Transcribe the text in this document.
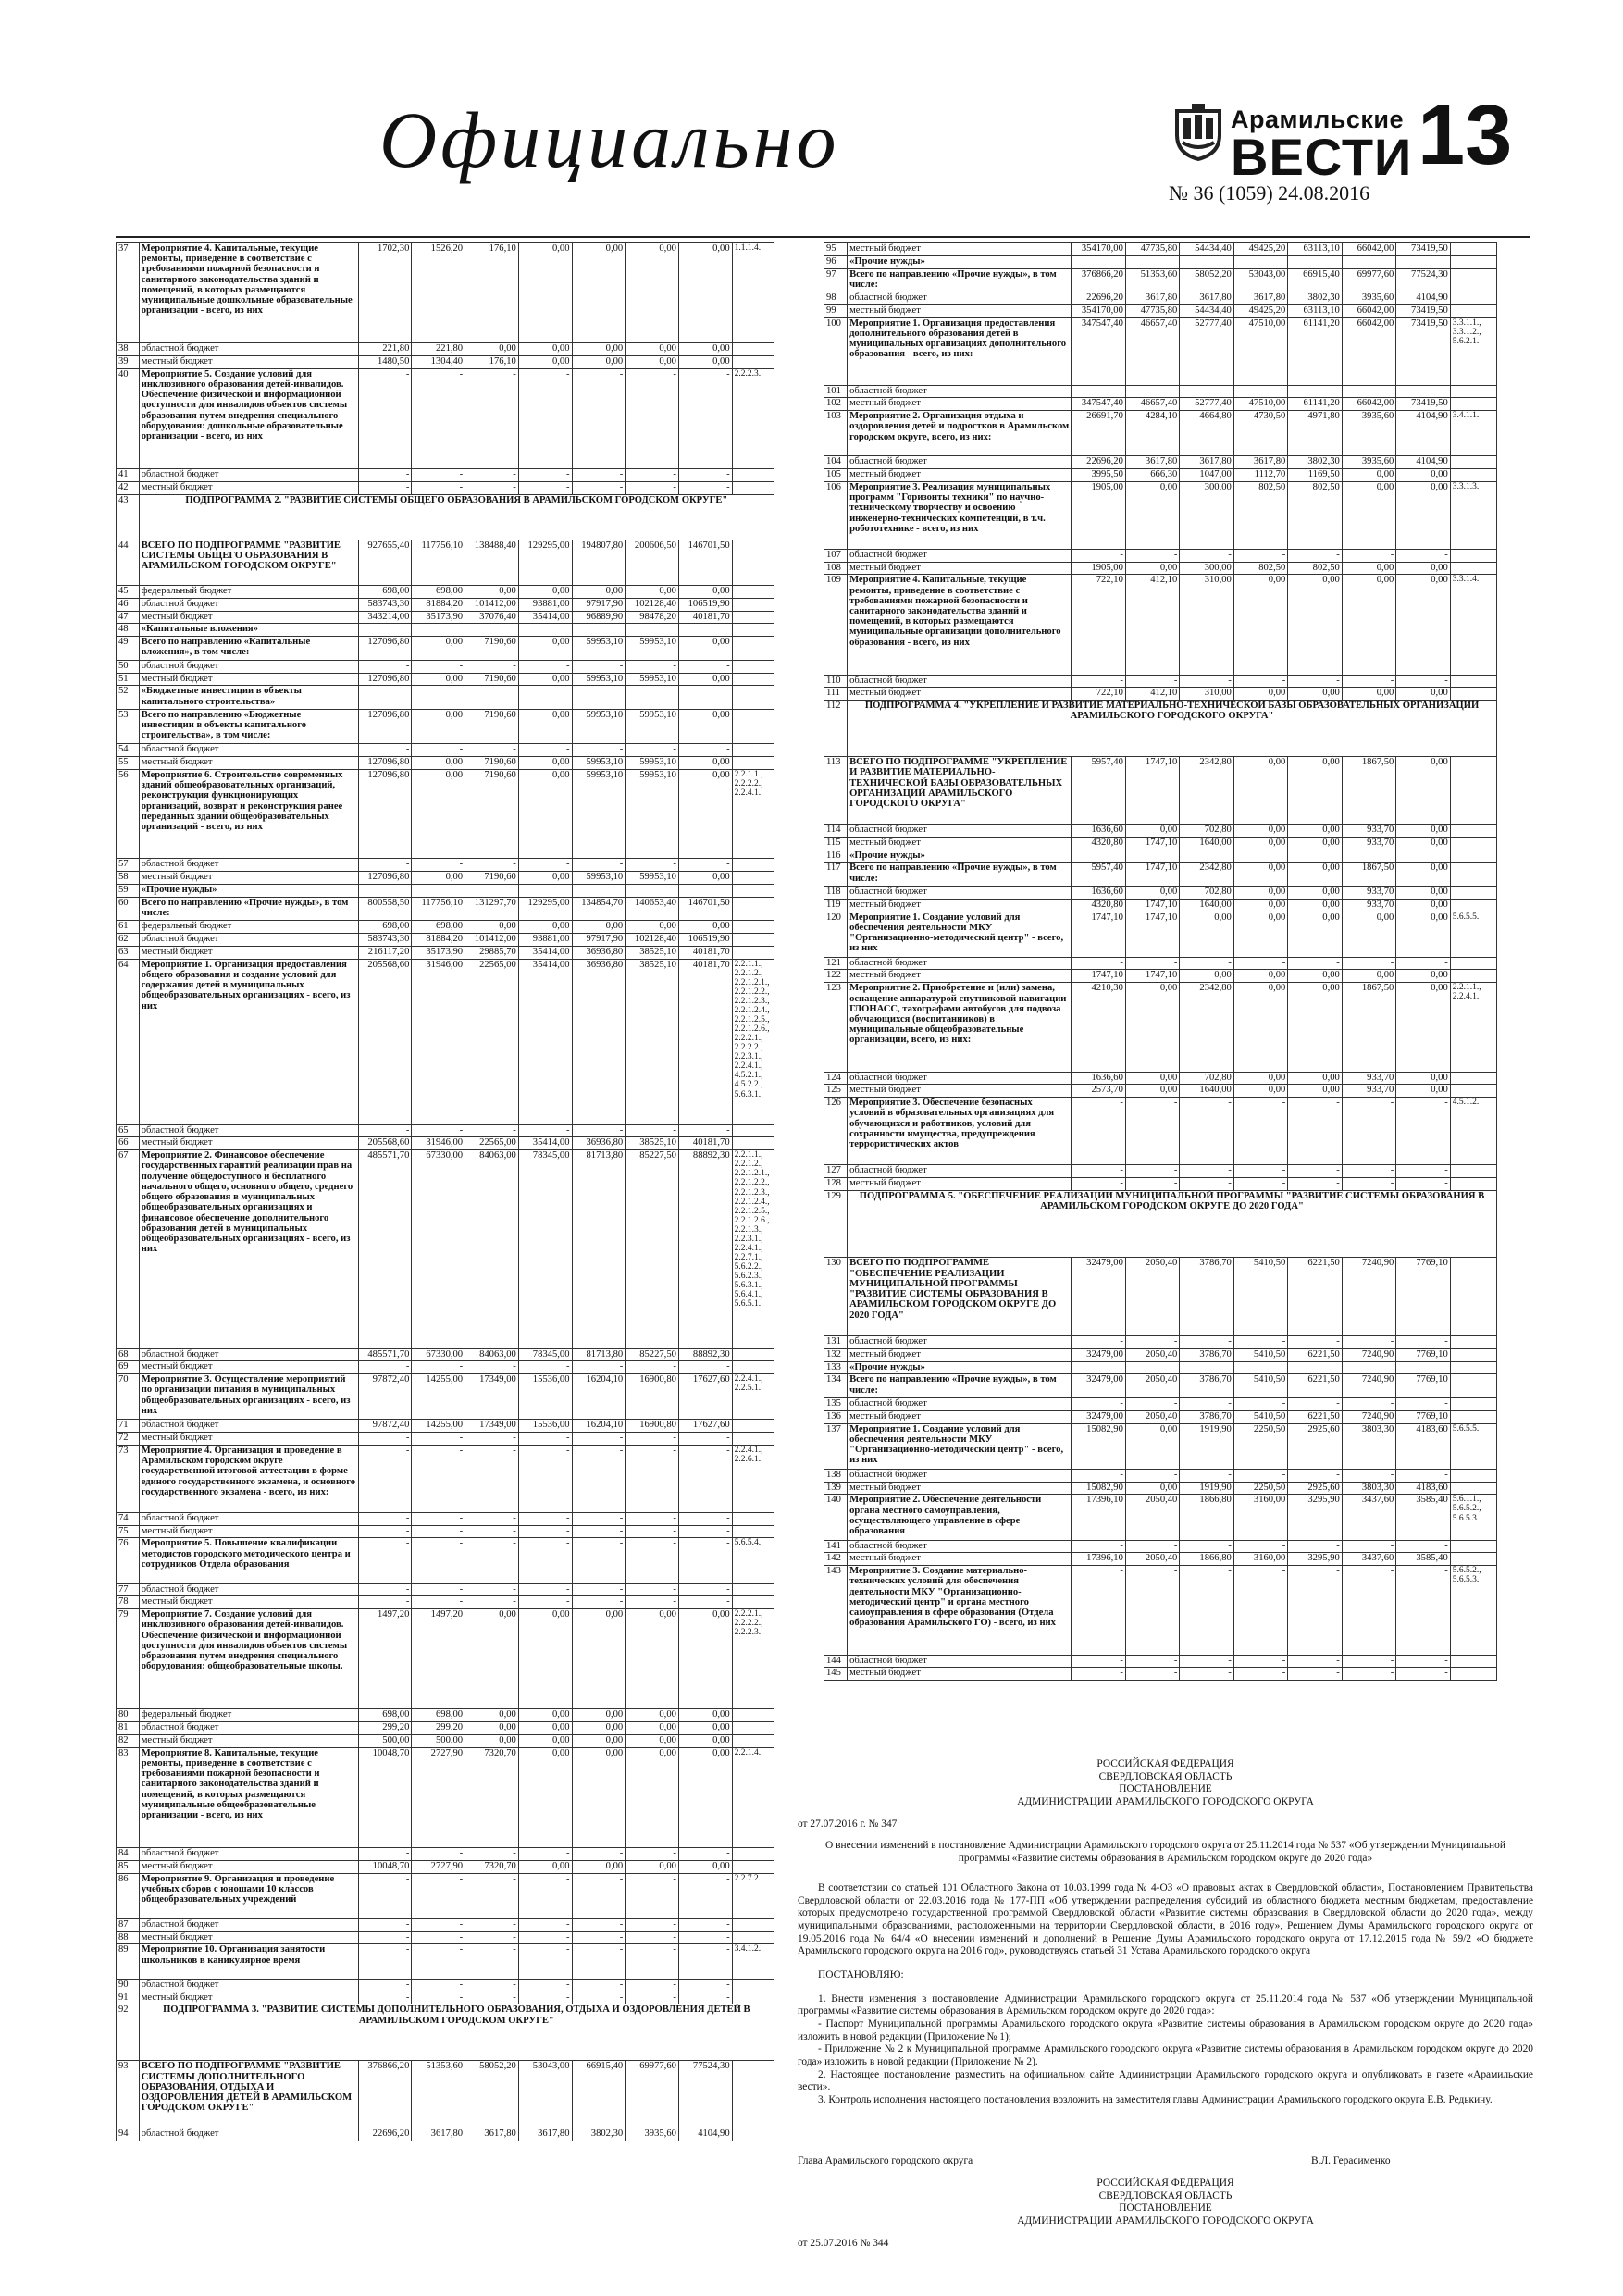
Официально	Арамильские
ВЕСТИ 13
№ 36 (1059) 24.08.2016
37	Мероприятие 4. Капитальные, текущие ремонты, приведение в соответствие с требованиями пожарной безопасности и санитарного законодательства зданий и помещений, в которых размещаются муниципальные дошкольные образовательные организации - всего, из них	1702,30	1526,20	176,10	0,00	0,00	0,00	0,00	1.1.1.4.
38	областной бюджет	221,80	221,80	0,00	0,00	0,00	0,00	0,00	
39	местный бюджет	1480,50	1304,40	176,10	0,00	0,00	0,00	0,00	
40	Мероприятие 5. Создание условий для инклюзивного образования детей-инвалидов. Обеспечение физической и информационной доступности для инвалидов объектов системы образования путем внедрения специального оборудования: дошкольные образовательные организации - всего, из них	-	-	-	-	-	-	-	2.2.2.3.
41	областной бюджет	-	-	-	-	-	-	-	
42	местный бюджет	-	-	-	-	-	-	-	
43	ПОДПРОГРАММА 2. "РАЗВИТИЕ СИСТЕМЫ ОБЩЕГО ОБРАЗОВАНИЯ В АРАМИЛЬСКОМ ГОРОДСКОМ ОКРУГЕ"								
44	ВСЕГО ПО ПОДПРОГРАММЕ "РАЗВИТИЕ СИСТЕМЫ ОБЩЕГО ОБРАЗОВАНИЯ В АРАМИЛЬСКОМ ГОРОДСКОМ ОКРУГЕ"	927655,40	117756,10	138488,40	129295,00	194807,80	200606,50	146701,50	
45	федеральный бюджет	698,00	698,00	0,00	0,00	0,00	0,00	0,00	
46	областной бюджет	583743,30	81884,20	101412,00	93881,00	97917,90	102128,40	106519,90	
47	местный бюджет	343214,00	35173,90	37076,40	35414,00	96889,90	98478,20	40181,70	
48	«Капитальные вложения»								
49	Всего по направлению «Капитальные вложения», в том числе:	127096,80	0,00	7190,60	0,00	59953,10	59953,10	0,00	
50	областной бюджет	-	-	-	-	-	-	-	
51	местный бюджет	127096,80	0,00	7190,60	0,00	59953,10	59953,10	0,00	
52	«Бюджетные инвестиции в объекты капитального строительства»								
53	Всего по направлению «Бюджетные инвестиции в объекты капитального строительства», в том числе:	127096,80	0,00	7190,60	0,00	59953,10	59953,10	0,00	
54	областной бюджет	-	-	-	-	-	-	-	
55	местный бюджет	127096,80	0,00	7190,60	0,00	59953,10	59953,10	0,00	
56	Мероприятие 6. Строительство современных зданий общеобразовательных организаций, реконструкция функционирующих организаций, возврат и реконструкция ранее переданных зданий общеобразовательных организаций - всего, из них	127096,80	0,00	7190,60	0,00	59953,10	59953,10	0,00	2.2.1.1., 2.2.2.2., 2.2.4.1.
57	областной бюджет	-	-	-	-	-	-	-	
58	местный бюджет	127096,80	0,00	7190,60	0,00	59953,10	59953,10	0,00	
59	«Прочие нужды»								
60	Всего по направлению «Прочие нужды», в том числе:	800558,50	117756,10	131297,70	129295,00	134854,70	140653,40	146701,50	
61	федеральный бюджет	698,00	698,00	0,00	0,00	0,00	0,00	0,00	
62	областной бюджет	583743,30	81884,20	101412,00	93881,00	97917,90	102128,40	106519,90	
63	местный бюджет	216117,20	35173,90	29885,70	35414,00	36936,80	38525,10	40181,70	
64	Мероприятие 1. Организация предоставления общего образования и создание условий для содержания детей в муниципальных общеобразовательных организациях - всего, из них	205568,60	31946,00	22565,00	35414,00	36936,80	38525,10	40181,70	2.2.1.1., 2.2.1.2., 2.2.1.2.1., 2.2.1.2.2., 2.2.1.2.3., 2.2.1.2.4., 2.2.1.2.5., 2.2.1.2.6., 2.2.2.1., 2.2.2.2., 2.2.3.1., 2.2.4.1., 4.5.2.1., 4.5.2.2., 5.6.3.1.
65	областной бюджет	-	-	-	-	-	-	-	
66	местный бюджет	205568,60	31946,00	22565,00	35414,00	36936,80	38525,10	40181,70	
67	Мероприятие 2. Финансовое обеспечение государственных гарантий реализации прав на получение общедоступного и бесплатного начального общего, основного общего, среднего общего образования в муниципальных общеобразовательных организациях и финансовое обеспечение дополнительного образования детей в муниципальных общеобразовательных организациях - всего, из них	485571,70	67330,00	84063,00	78345,00	81713,80	85227,50	88892,30	2.2.1.1., 2.2.1.2., 2.2.1.2.1., 2.2.1.2.2., 2.2.1.2.3., 2.2.1.2.4., 2.2.1.2.5., 2.2.1.2.6., 2.2.1.3., 2.2.3.1., 2.2.4.1., 2.2.7.1., 5.6.2.2., 5.6.2.3., 5.6.3.1., 5.6.4.1., 5.6.5.1.
68	областной бюджет	485571,70	67330,00	84063,00	78345,00	81713,80	85227,50	88892,30	
69	местный бюджет	-	-	-	-	-	-	-	
70	Мероприятие 3. Осуществление мероприятий по организации питания в муниципальных общеобразовательных организациях - всего, из них	97872,40	14255,00	17349,00	15536,00	16204,10	16900,80	17627,60	2.2.4.1., 2.2.5.1.
71	областной бюджет	97872,40	14255,00	17349,00	15536,00	16204,10	16900,80	17627,60	
72	местный бюджет	-	-	-	-	-	-	-	
73	Мероприятие 4. Организация и проведение в Арамильском городском округе государственной итоговой аттестации в форме единого государственного экзамена, и основного государственного экзамена - всего, из них:	-	-	-	-	-	-	-	2.2.4.1., 2.2.6.1.
74	областной бюджет	-	-	-	-	-	-	-	
75	местный бюджет	-	-	-	-	-	-	-	
76	Мероприятие 5. Повышение квалификации методистов городского методического центра и сотрудников Отдела образования	-	-	-	-	-	-	-	5.6.5.4.
77	областной бюджет	-	-	-	-	-	-	-	
78	местный бюджет	-	-	-	-	-	-	-	
79	Мероприятие 7. Создание условий для инклюзивного образования детей-инвалидов. Обеспечение физической и информационной доступности для инвалидов объектов системы образования путем внедрения специального оборудования: общеобразовательные школы.	1497,20	1497,20	0,00	0,00	0,00	0,00	0,00	2.2.2.1., 2.2.2.2., 2.2.2.3.
80	федеральный бюджет	698,00	698,00	0,00	0,00	0,00	0,00	0,00	
81	областной бюджет	299,20	299,20	0,00	0,00	0,00	0,00	0,00	
82	местный бюджет	500,00	500,00	0,00	0,00	0,00	0,00	0,00	
83	Мероприятие 8. Капитальные, текущие ремонты, приведение в соответствие с требованиями пожарной безопасности и санитарного законодательства зданий и помещений, в которых размещаются муниципальные общеобразовательные организации - всего, из них	10048,70	2727,90	7320,70	0,00	0,00	0,00	0,00	2.2.1.4.
84	областной бюджет	-	-	-	-	-	-	-	
85	местный бюджет	10048,70	2727,90	7320,70	0,00	0,00	0,00	0,00	
86	Мероприятие 9. Организация и проведение учебных сборов с юношами 10 классов общеобразовательных учреждений	-	-	-	-	-	-	-	2.2.7.2.
87	областной бюджет	-	-	-	-	-	-	-	
88	местный бюджет	-	-	-	-	-	-	-	
89	Мероприятие 10. Организация занятости школьников в каникулярное время	-	-	-	-	-	-	-	3.4.1.2.
90	областной бюджет	-	-	-	-	-	-	-	
91	местный бюджет	-	-	-	-	-	-	-	
92	ПОДПРОГРАММА 3. "РАЗВИТИЕ СИСТЕМЫ ДОПОЛНИТЕЛЬНОГО ОБРАЗОВАНИЯ, ОТДЫХА И ОЗДОРОВЛЕНИЯ ДЕТЕЙ В АРАМИЛЬСКОМ ГОРОДСКОМ ОКРУГЕ"								
93	ВСЕГО ПО ПОДПРОГРАММЕ "РАЗВИТИЕ СИСТЕМЫ ДОПОЛНИТЕЛЬНОГО ОБРАЗОВАНИЯ, ОТДЫХА И ОЗДОРОВЛЕНИЯ ДЕТЕЙ В АРАМИЛЬСКОМ ГОРОДСКОМ ОКРУГЕ"	376866,20	51353,60	58052,20	53043,00	66915,40	69977,60	77524,30	
94	областной бюджет	22696,20	3617,80	3617,80	3617,80	3802,30	3935,60	4104,90	
95	местный бюджет	354170,00	47735,80	54434,40	49425,20	63113,10	66042,00	73419,50	
96	«Прочие нужды»								
97	Всего по направлению «Прочие нужды», в том числе:	376866,20	51353,60	58052,20	53043,00	66915,40	69977,60	77524,30	
98	областной бюджет	22696,20	3617,80	3617,80	3617,80	3802,30	3935,60	4104,90	
99	местный бюджет	354170,00	47735,80	54434,40	49425,20	63113,10	66042,00	73419,50	
100	Мероприятие 1. Организация предоставления дополнительного образования детей в муниципальных организациях дополнительного образования - всего, из них:	347547,40	46657,40	52777,40	47510,00	61141,20	66042,00	73419,50	3.3.1.1., 3.3.1.2., 5.6.2.1.
101	областной бюджет	-	-	-	-	-	-	-	
102	местный бюджет	347547,40	46657,40	52777,40	47510,00	61141,20	66042,00	73419,50	
103	Мероприятие 2. Организация отдыха и оздоровления детей и подростков в Арамильском городском округе, всего, из них:	26691,70	4284,10	4664,80	4730,50	4971,80	3935,60	4104,90	3.4.1.1.
104	областной бюджет	22696,20	3617,80	3617,80	3617,80	3802,30	3935,60	4104,90	
105	местный бюджет	3995,50	666,30	1047,00	1112,70	1169,50	0,00	0,00	
106	Мероприятие 3. Реализация муниципальных программ "Горизонты техники" по научно-техническому творчеству и освоению инженерно-технических компетенций, в т.ч. робототехнике - всего, из них	1905,00	0,00	300,00	802,50	802,50	0,00	0,00	3.3.1.3.
107	областной бюджет	-	-	-	-	-	-	-	
108	местный бюджет	1905,00	0,00	300,00	802,50	802,50	0,00	0,00	
109	Мероприятие 4. Капитальные, текущие ремонты, приведение в соответствие с требованиями пожарной безопасности и санитарного законодательства зданий и помещений, в которых размещаются муниципальные организации дополнительного образования - всего, из них	722,10	412,10	310,00	0,00	0,00	0,00	0,00	3.3.1.4.
110	областной бюджет	-	-	-	-	-	-	-	
111	местный бюджет	722,10	412,10	310,00	0,00	0,00	0,00	0,00	
112	ПОДПРОГРАММА 4. "УКРЕПЛЕНИЕ И РАЗВИТИЕ МАТЕРИАЛЬНО-ТЕХНИЧЕСКОЙ БАЗЫ ОБРАЗОВАТЕЛЬНЫХ ОРГАНИЗАЦИЙ АРАМИЛЬСКОГО ГОРОДСКОГО ОКРУГА"								
113	ВСЕГО ПО ПОДПРОГРАММЕ "УКРЕПЛЕНИЕ И РАЗВИТИЕ МАТЕРИАЛЬНО-ТЕХНИЧЕСКОЙ БАЗЫ ОБРАЗОВАТЕЛЬНЫХ ОРГАНИЗАЦИЙ АРАМИЛЬСКОГО ГОРОДСКОГО ОКРУГА"	5957,40	1747,10	2342,80	0,00	0,00	1867,50	0,00	
114	областной бюджет	1636,60	0,00	702,80	0,00	0,00	933,70	0,00	
115	местный бюджет	4320,80	1747,10	1640,00	0,00	0,00	933,70	0,00	
116	«Прочие нужды»								
117	Всего по направлению «Прочие нужды», в том числе:	5957,40	1747,10	2342,80	0,00	0,00	1867,50	0,00	
118	областной бюджет	1636,60	0,00	702,80	0,00	0,00	933,70	0,00	
119	местный бюджет	4320,80	1747,10	1640,00	0,00	0,00	933,70	0,00	
120	Мероприятие 1. Создание условий для обеспечения деятельности МКУ "Организационно-методический центр" - всего, из них	1747,10	1747,10	0,00	0,00	0,00	0,00	0,00	5.6.5.5.
121	областной бюджет	-	-	-	-	-	-	-	
122	местный бюджет	1747,10	1747,10	0,00	0,00	0,00	0,00	0,00	
123	Мероприятие 2. Приобретение и (или) замена, оснащение аппаратурой спутниковой навигации ГЛОНАСС, тахографами автобусов для подвоза обучающихся (воспитанников) в муниципальные общеобразовательные организации, всего, из них:	4210,30	0,00	2342,80	0,00	0,00	1867,50	0,00	2.2.1.1., 2.2.4.1.
124	областной бюджет	1636,60	0,00	702,80	0,00	0,00	933,70	0,00	
125	местный бюджет	2573,70	0,00	1640,00	0,00	0,00	933,70	0,00	
126	Мероприятие 3. Обеспечение безопасных условий в образовательных организациях для обучающихся и работников, условий для сохранности имущества, предупреждения террористических актов	-	-	-	-	-	-	-	4.5.1.2.
127	областной бюджет	-	-	-	-	-	-	-	
128	местный бюджет	-	-	-	-	-	-	-	
129	ПОДПРОГРАММА 5. "ОБЕСПЕЧЕНИЕ РЕАЛИЗАЦИИ МУНИЦИПАЛЬНОЙ ПРОГРАММЫ "РАЗВИТИЕ СИСТЕМЫ ОБРАЗОВАНИЯ В АРАМИЛЬСКОМ ГОРОДСКОМ ОКРУГЕ ДО 2020 ГОДА"								
130	ВСЕГО ПО ПОДПРОГРАММЕ "ОБЕСПЕЧЕНИЕ РЕАЛИЗАЦИИ МУНИЦИПАЛЬНОЙ ПРОГРАММЫ "РАЗВИТИЕ СИСТЕМЫ ОБРАЗОВАНИЯ В АРАМИЛЬСКОМ ГОРОДСКОМ ОКРУГЕ ДО 2020 ГОДА"	32479,00	2050,40	3786,70	5410,50	6221,50	7240,90	7769,10	
131	областной бюджет	-	-	-	-	-	-	-	
132	местный бюджет	32479,00	2050,40	3786,70	5410,50	6221,50	7240,90	7769,10	
133	«Прочие нужды»								
134	Всего по направлению «Прочие нужды», в том числе:	32479,00	2050,40	3786,70	5410,50	6221,50	7240,90	7769,10	
135	областной бюджет	-	-	-	-	-	-	-	
136	местный бюджет	32479,00	2050,40	3786,70	5410,50	6221,50	7240,90	7769,10	
137	Мероприятие 1. Создание условий для обеспечения деятельности МКУ "Организационно-методический центр" - всего, из них	15082,90	0,00	1919,90	2250,50	2925,60	3803,30	4183,60	5.6.5.5.
138	областной бюджет	-	-	-	-	-	-	-	
139	местный бюджет	15082,90	0,00	1919,90	2250,50	2925,60	3803,30	4183,60	
140	Мероприятие 2. Обеспечение деятельности органа местного самоуправления, осуществляющего управление в сфере образования	17396,10	2050,40	1866,80	3160,00	3295,90	3437,60	3585,40	5.6.1.1., 5.6.5.2., 5.6.5.3.
141	областной бюджет	-	-	-	-	-	-	-	
142	местный бюджет	17396,10	2050,40	1866,80	3160,00	3295,90	3437,60	3585,40	
143	Мероприятие 3. Создание материально-технических условий для обеспечения деятельности МКУ "Организационно-методический центр" и органа местного самоуправления в сфере образования (Отдела образования Арамильского ГО) - всего, из них	-	-	-	-	-	-	-	5.6.5.2., 5.6.5.3.
144	областной бюджет	-	-	-	-	-	-	-	
145	местный бюджет	-	-	-	-	-	-	-	

РОССИЙСКАЯ ФЕДЕРАЦИЯ

СВЕРДЛОВСКАЯ ОБЛАСТЬ

ПОСТАНОВЛЕНИЕ

АДМИНИСТРАЦИИ АРАМИЛЬСКОГО ГОРОДСКОГО ОКРУГА

от 27.07.2016 г. № 347

О внесении изменений в постановление Администрации Арамильского городского округа от 25.11.2014 года № 537 «Об утверждении Муниципальной программы «Развитие системы образования в Арамильском городском округе до 2020 года»

В соответствии со статьей 101 Областного Закона от 10.03.1999 года № 4-ОЗ «О правовых актах в Свердловской области», Постановлением Правительства Свердловской области от 22.03.2016 года № 177-ПП «Об утверждении распределения субсидий из областного бюджета местным бюджетам, предоставление которых предусмотрено государственной программой Свердловской области «Развитие системы образования в Свердловской области до 2020 года», между муниципальными образованиями, расположенными на территории Свердловской области, в 2016 году», Решением Думы Арамильского городского округа от 19.05.2016 года № 64/4 «О внесении изменений и дополнений в Решение Думы Арамильского городского округа от 17.12.2015 года № 59/2 «О бюджете Арамильского городского округа на 2016 год», руководствуясь статьей 31 Устава Арамильского городского округа

ПОСТАНОВЛЯЮ:

1. Внести изменения в постановление Администрации Арамильского городского округа от 25.11.2014 года № 537 «Об утверждении Муниципальной программы «Развитие системы образования в Арамильском городском округе до 2020 года»:

- Паспорт Муниципальной программы Арамильского городского округа «Развитие системы образования в Арамильском городском округе до 2020 года» изложить в новой редакции (Приложение № 1);

- Приложение № 2 к Муниципальной программе Арамильского городского округа «Развитие системы образования в Арамильском городском округе до 2020 года» изложить в новой редакции (Приложение № 2).

2. Настоящее постановление разместить на официальном сайте Администрации Арамильского городского округа и опубликовать в газете «Арамильские вести».

3. Контроль исполнения настоящего постановления возложить на заместителя главы Администрации Арамильского городского округа Е.В. Редькину.

Глава Арамильского городского округа	В.Л. Герасименко

РОССИЙСКАЯ ФЕДЕРАЦИЯ

СВЕРДЛОВСКАЯ ОБЛАСТЬ

ПОСТАНОВЛЕНИЕ

АДМИНИСТРАЦИИ АРАМИЛЬСКОГО ГОРОДСКОГО ОКРУГА

от 25.07.2016 № 344
